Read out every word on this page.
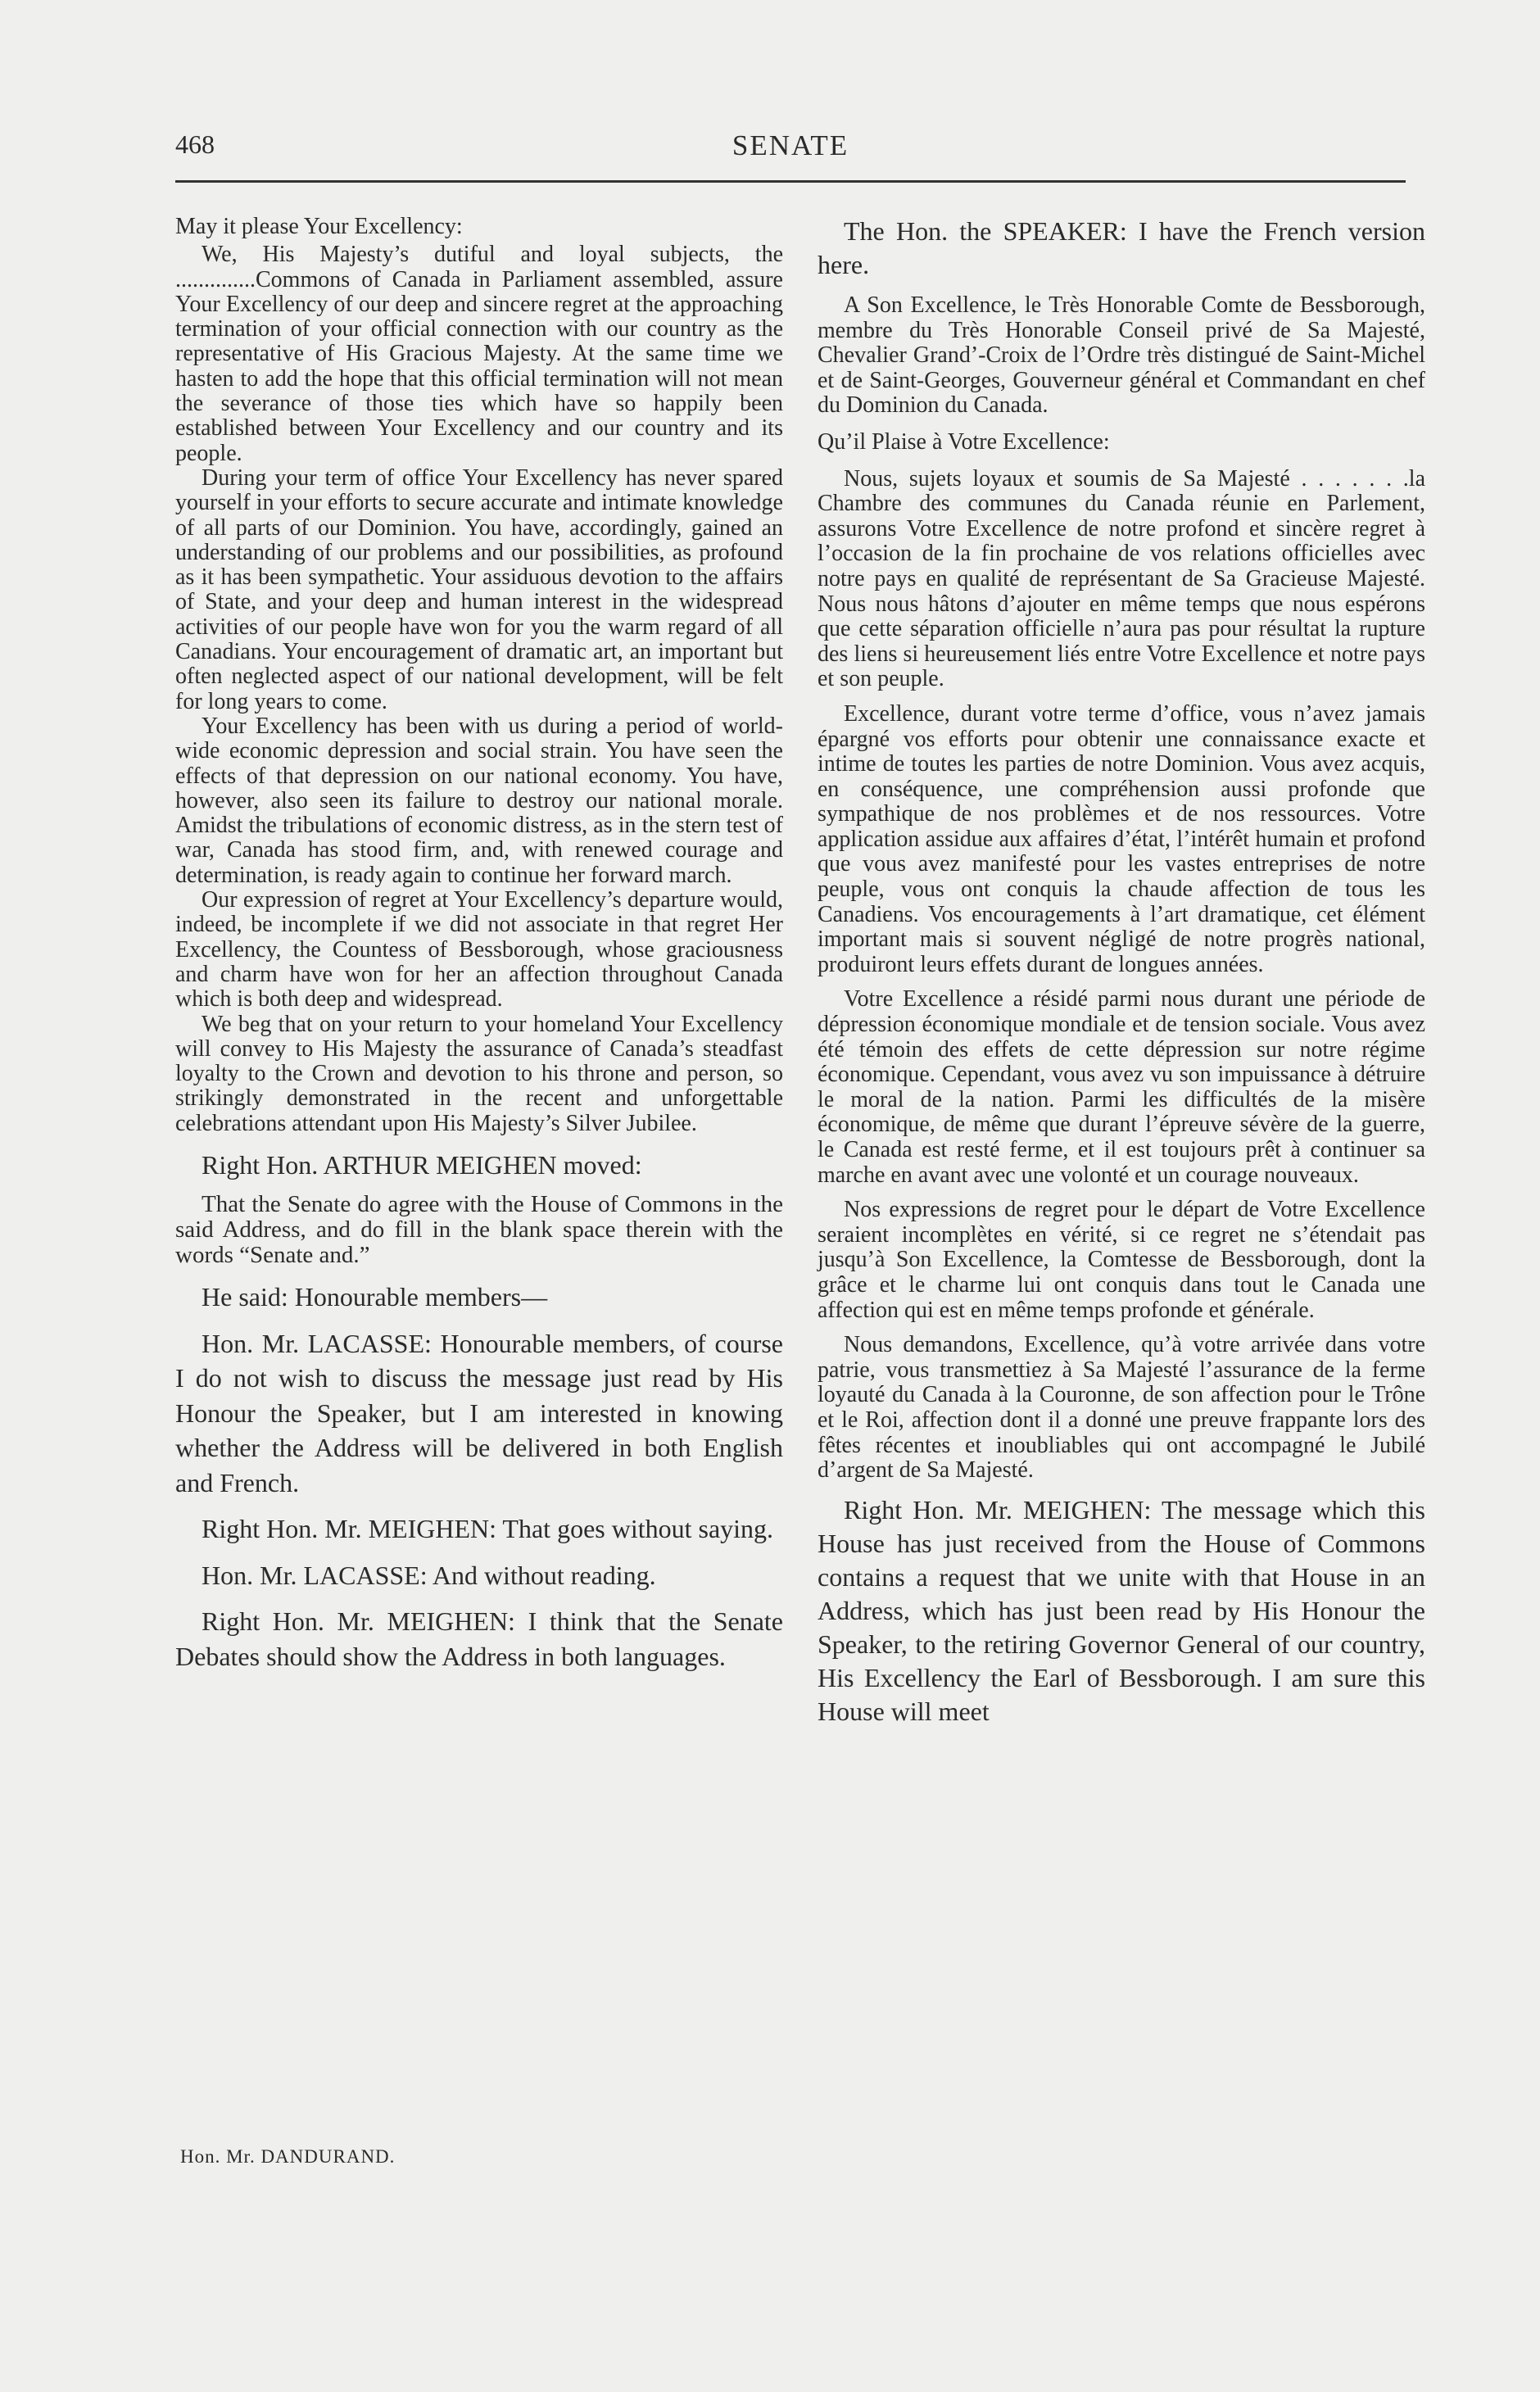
468	SENATE

May it please Your Excellency:

We, His Majesty’s dutiful and loyal subjects, the ..............Commons of Canada in Parliament assembled, assure Your Excellency of our deep and sincere regret at the approaching termination of your official connection with our country as the representative of His Gracious Majesty. At the same time we hasten to add the hope that this official termination will not mean the severance of those ties which have so happily been established between Your Excellency and our country and its people.

During your term of office Your Excellency has never spared yourself in your efforts to secure accurate and intimate knowledge of all parts of our Dominion. You have, accordingly, gained an understanding of our problems and our possibilities, as profound as it has been sympathetic. Your assiduous devotion to the affairs of State, and your deep and human interest in the widespread activities of our people have won for you the warm regard of all Canadians. Your encouragement of dramatic art, an important but often neglected aspect of our national development, will be felt for long years to come.

Your Excellency has been with us during a period of world-wide economic depression and social strain. You have seen the effects of that depression on our national economy. You have, however, also seen its failure to destroy our national morale. Amidst the tribulations of economic distress, as in the stern test of war, Canada has stood firm, and, with renewed courage and determination, is ready again to continue her forward march.

Our expression of regret at Your Excellency’s departure would, indeed, be incomplete if we did not associate in that regret Her Excellency, the Countess of Bessborough, whose graciousness and charm have won for her an affection throughout Canada which is both deep and widespread.

We beg that on your return to your homeland Your Excellency will convey to His Majesty the assurance of Canada’s steadfast loyalty to the Crown and devotion to his throne and person, so strikingly demonstrated in the recent and unforgettable celebrations attendant upon His Majesty’s Silver Jubilee.

Right Hon. ARTHUR MEIGHEN moved:

That the Senate do agree with the House of Commons in the said Address, and do fill in the blank space therein with the words “Senate and.”

He said: Honourable members—

Hon. Mr. LACASSE: Honourable members, of course I do not wish to discuss the message just read by His Honour the Speaker, but I am interested in knowing whether the Address will be delivered in both English and French.

Right Hon. Mr. MEIGHEN: That goes without saying.

Hon. Mr. LACASSE: And without reading.

Right Hon. Mr. MEIGHEN: I think that the Senate Debates should show the Address in both languages.

The Hon. the SPEAKER: I have the French version here.

A Son Excellence, le Très Honorable Comte de Bessborough, membre du Très Honorable Conseil privé de Sa Majesté, Chevalier Grand’-Croix de l’Ordre très distingué de Saint-Michel et de Saint-Georges, Gouverneur général et Commandant en chef du Dominion du Canada.

Qu’il Plaise à Votre Excellence:

Nous, sujets loyaux et soumis de Sa Majesté . . . . . . .la Chambre des communes du Canada réunie en Parlement, assurons Votre Excellence de notre profond et sincère regret à l’occasion de la fin prochaine de vos relations officielles avec notre pays en qualité de représentant de Sa Gracieuse Majesté. Nous nous hâtons d’ajouter en même temps que nous espérons que cette séparation officielle n’aura pas pour résultat la rupture des liens si heureusement liés entre Votre Excellence et notre pays et son peuple.

Excellence, durant votre terme d’office, vous n’avez jamais épargné vos efforts pour obtenir une connaissance exacte et intime de toutes les parties de notre Dominion. Vous avez acquis, en conséquence, une compréhension aussi profonde que sympathique de nos problèmes et de nos ressources. Votre application assidue aux affaires d’état, l’intérêt humain et profond que vous avez manifesté pour les vastes entreprises de notre peuple, vous ont conquis la chaude affection de tous les Canadiens. Vos encouragements à l’art dramatique, cet élément important mais si souvent négligé de notre progrès national, produiront leurs effets durant de longues années.

Votre Excellence a résidé parmi nous durant une période de dépression économique mondiale et de tension sociale. Vous avez été témoin des effets de cette dépression sur notre régime économique. Cependant, vous avez vu son impuissance à détruire le moral de la nation. Parmi les difficultés de la misère économique, de même que durant l’épreuve sévère de la guerre, le Canada est resté ferme, et il est toujours prêt à continuer sa marche en avant avec une volonté et un courage nouveaux.

Nos expressions de regret pour le départ de Votre Excellence seraient incomplètes en vérité, si ce regret ne s’étendait pas jusqu’à Son Excellence, la Comtesse de Bessborough, dont la grâce et le charme lui ont conquis dans tout le Canada une affection qui est en même temps profonde et générale.

Nous demandons, Excellence, qu’à votre arrivée dans votre patrie, vous transmettiez à Sa Majesté l’assurance de la ferme loyauté du Canada à la Couronne, de son affection pour le Trône et le Roi, affection dont il a donné une preuve frappante lors des fêtes récentes et inoubliables qui ont accompagné le Jubilé d’argent de Sa Majesté.

Right Hon. Mr. MEIGHEN: The message which this House has just received from the House of Commons contains a request that we unite with that House in an Address, which has just been read by His Honour the Speaker, to the retiring Governor General of our country, His Excellency the Earl of Bessborough. I am sure this House will meet

Hon. Mr. DANDURAND.
